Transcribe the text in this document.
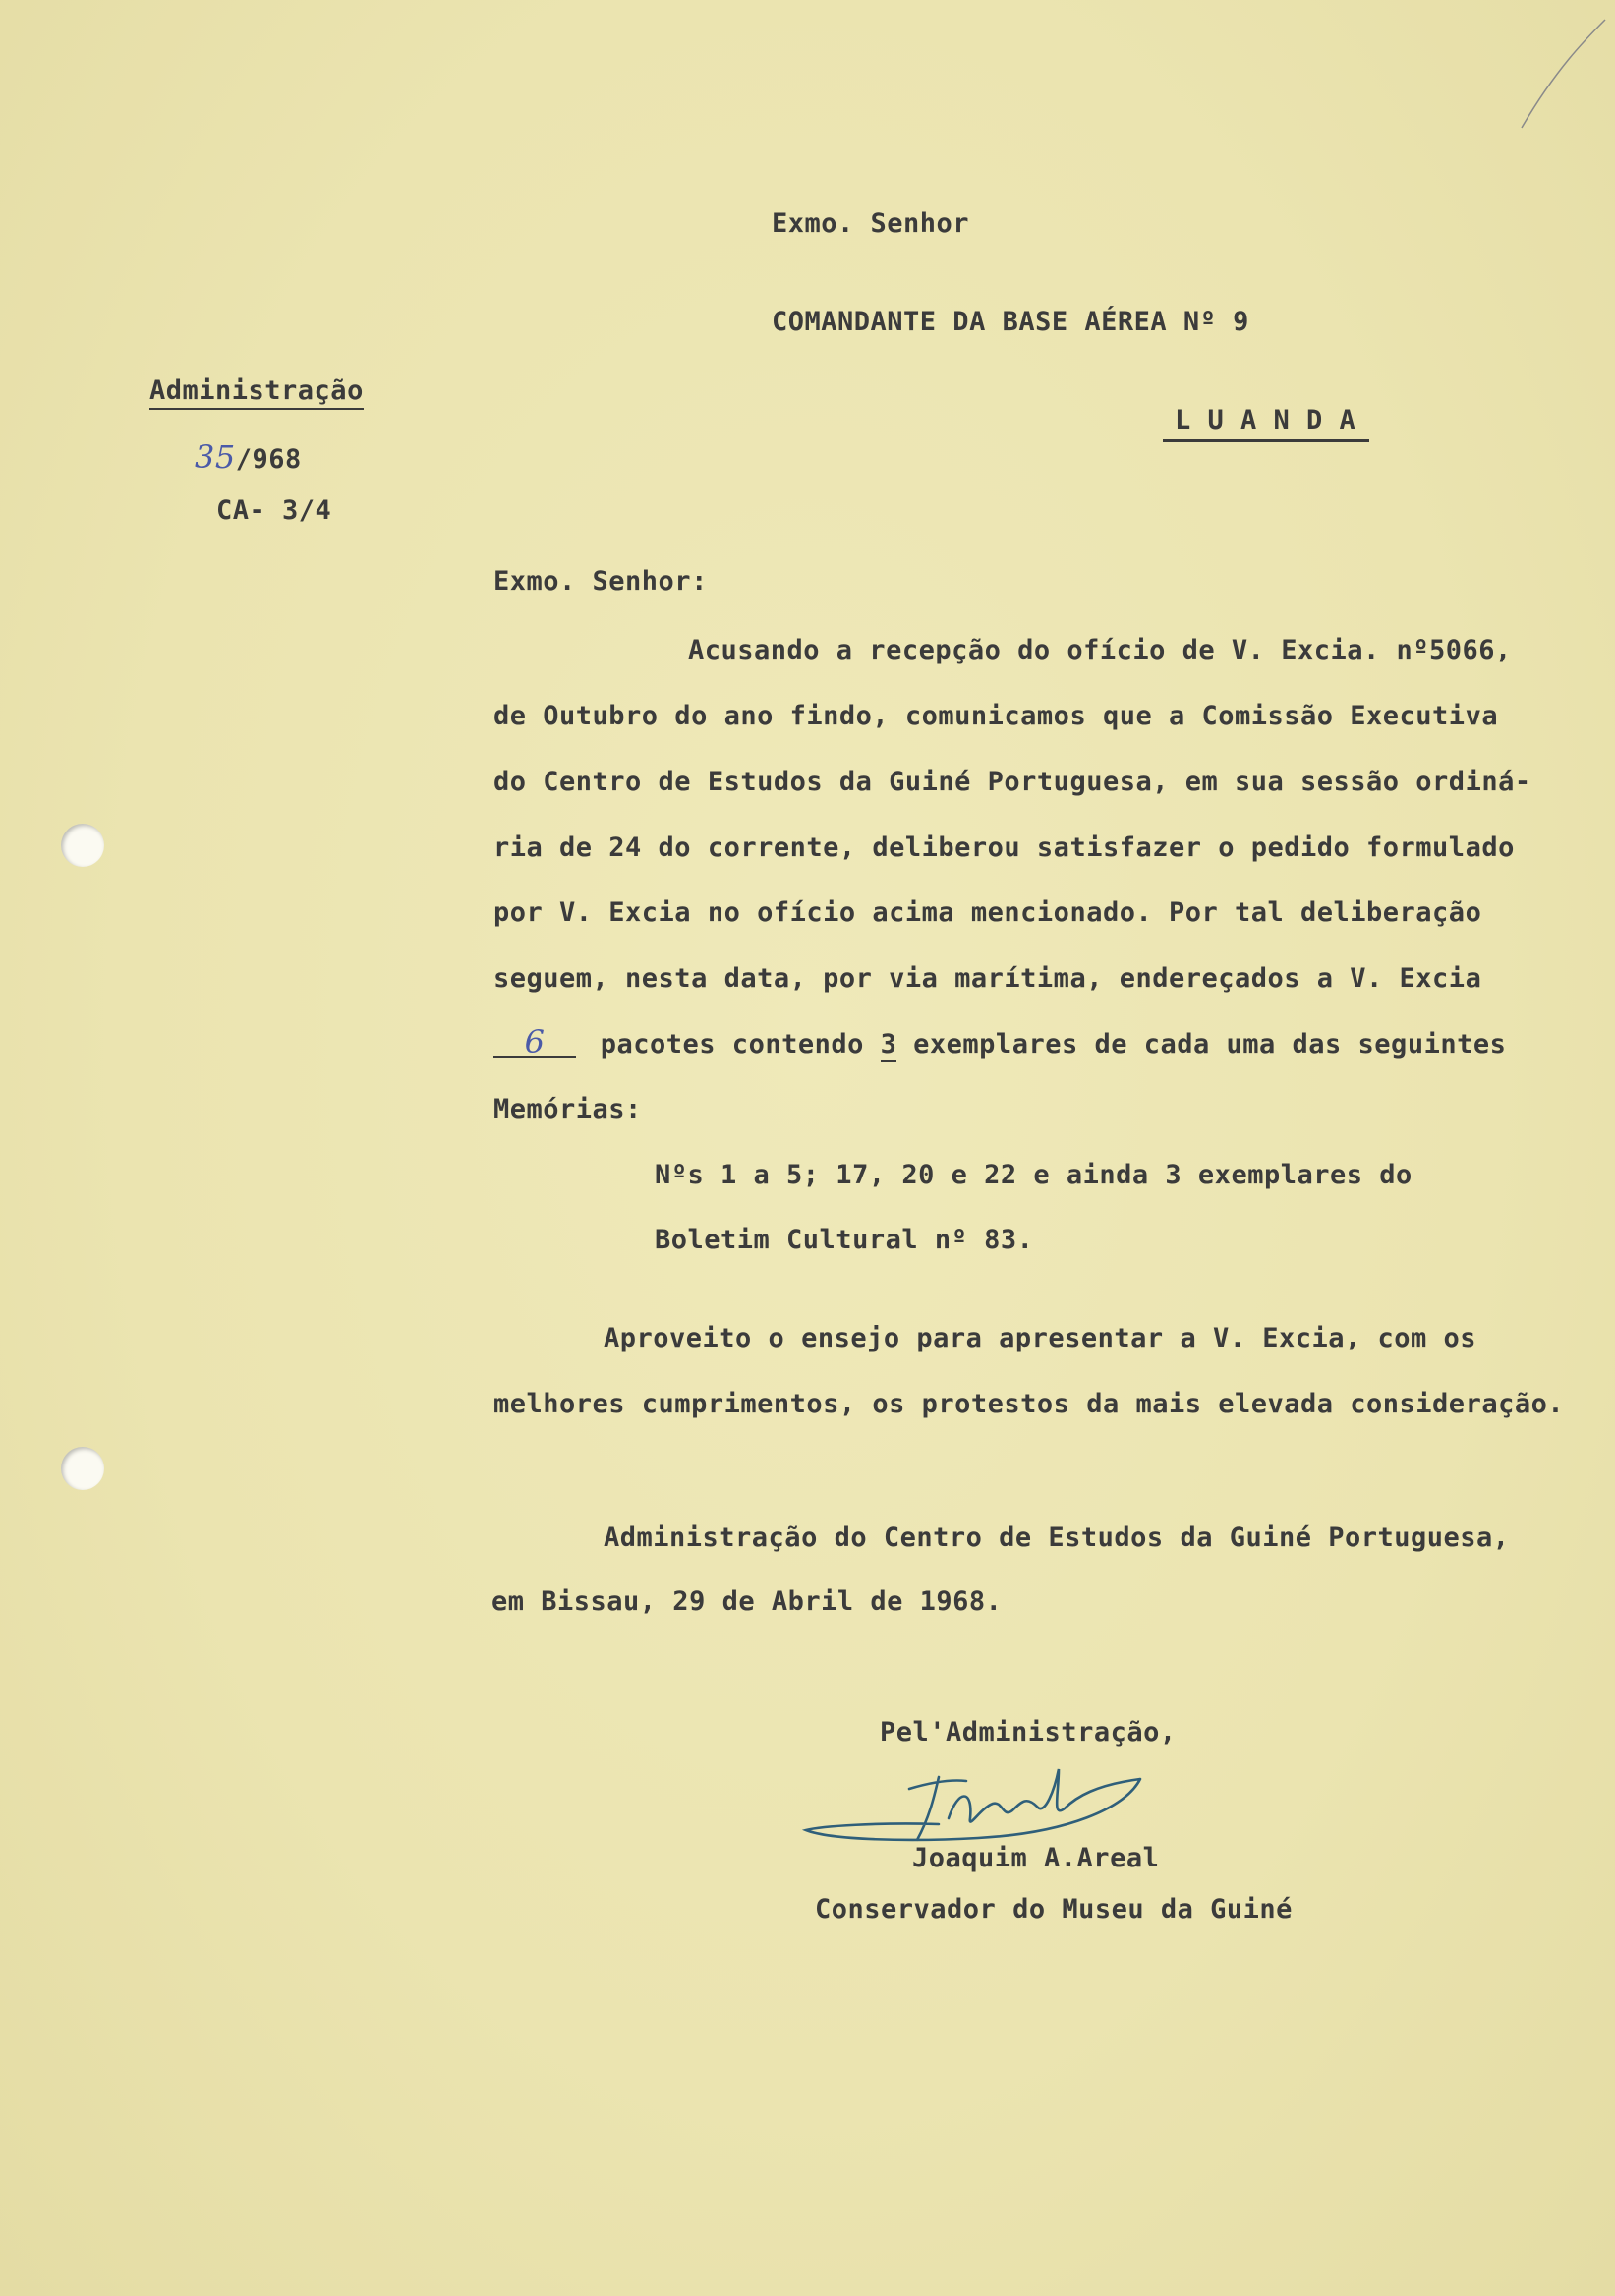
Exmo. Senhor
COMANDANTE DA BASE AÉREA Nº 9
L U A N D A
Administração
35/968
CA- 3/4
Exmo. Senhor:
Acusando a recepção do ofício de V. Excia. nº5066,
de Outubro do ano findo, comunicamos que a Comissão Executiva
do Centro de Estudos da Guiné Portuguesa, em sua sessão ordiná-
ria de 24 do corrente, deliberou satisfazer o pedido formulado
por V. Excia no ofício acima mencionado. Por tal deliberação
seguem, nesta data, por via marítima, endereçados a V. Excia
6 pacotes contendo 3 exemplares de cada uma das seguintes
Memórias:
Nºs 1 a 5; 17, 20 e 22 e ainda 3 exemplares do
Boletim Cultural nº 83.
Aproveito o ensejo para apresentar a V. Excia, com os
melhores cumprimentos, os protestos da mais elevada consideração.
Administração do Centro de Estudos da Guiné Portuguesa,
em Bissau, 29 de Abril de 1968.
Pel'Administração,
Joaquim A.Areal
Conservador do Museu da Guiné
